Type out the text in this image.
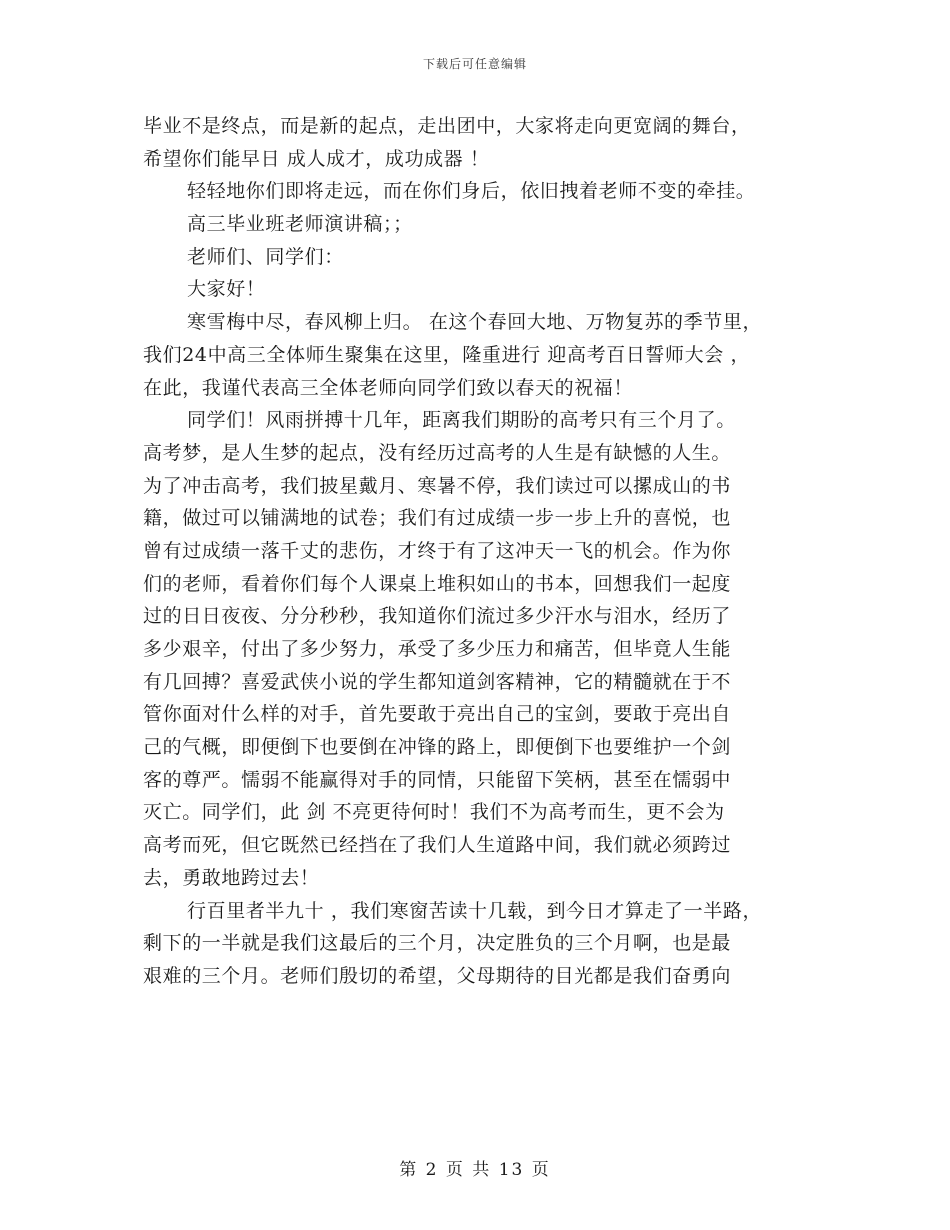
下载后可任意编辑
毕业不是终点，而是新的起点，走出团中，大家将走向更宽阔的舞台，
希望你们能早日 成人成才，成功成器 ！
轻轻地你们即将走远，而在你们身后，依旧拽着老师不变的牵挂。
高三毕业班老师演讲稿；；
老师们、同学们：
大家好！
寒雪梅中尽，春风柳上归。 在这个春回大地、万物复苏的季节里，
我们24中高三全体师生聚集在这里，隆重进行 迎高考百日誓师大会 ，
在此，我谨代表高三全体老师向同学们致以春天的祝福！
同学们！风雨拼搏十几年，距离我们期盼的高考只有三个月了。
高考梦，是人生梦的起点，没有经历过高考的人生是有缺憾的人生。
为了冲击高考，我们披星戴月、寒暑不停，我们读过可以摞成山的书
籍，做过可以铺满地的试卷；我们有过成绩一步一步上升的喜悦，也
曾有过成绩一落千丈的悲伤，才终于有了这冲天一飞的机会。作为你
们的老师，看着你们每个人课桌上堆积如山的书本，回想我们一起度
过的日日夜夜、分分秒秒，我知道你们流过多少汗水与泪水，经历了
多少艰辛，付出了多少努力，承受了多少压力和痛苦，但毕竟人生能
有几回搏？喜爱武侠小说的学生都知道剑客精神，它的精髓就在于不
管你面对什么样的对手，首先要敢于亮出自己的宝剑，要敢于亮出自
己的气概，即便倒下也要倒在冲锋的路上，即便倒下也要维护一个剑
客的尊严。懦弱不能赢得对手的同情，只能留下笑柄，甚至在懦弱中
灭亡。同学们，此 剑 不亮更待何时！我们不为高考而生，更不会为
高考而死，但它既然已经挡在了我们人生道路中间，我们就必须跨过
去，勇敢地跨过去！
行百里者半九十 ，我们寒窗苦读十几载，到今日才算走了一半路，
剩下的一半就是我们这最后的三个月，决定胜负的三个月啊，也是最
艰难的三个月。老师们殷切的希望，父母期待的目光都是我们奋勇向
第 2 页 共 13 页
